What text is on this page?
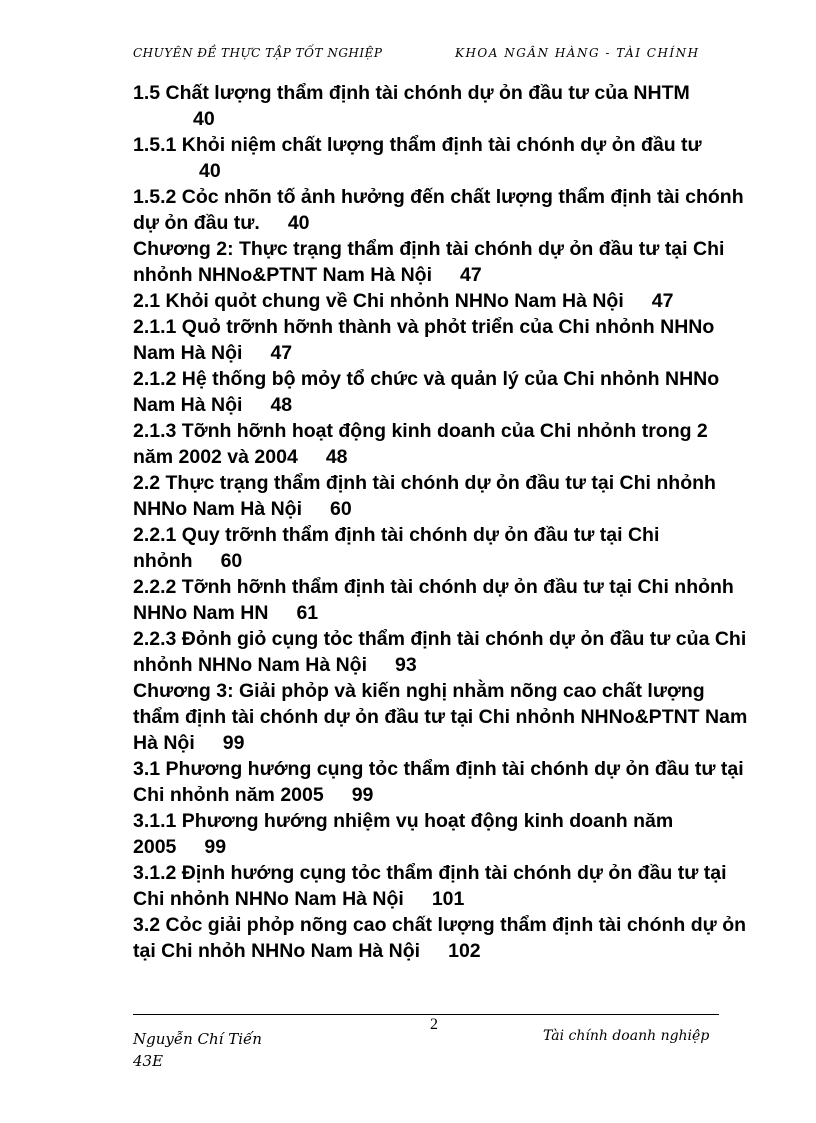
CHUYÊN ĐỀ THỰC TẬP TỐT NGHIỆP	KHOA NGÂN HÀNG - TÀI CHÍNH
1.5 Chất lượng thẩm định tài chónh dự ỏn đầu tư của NHTM
40
1.5.1 Khỏi niệm chất lượng thẩm định tài chónh dự ỏn đầu tư
40
1.5.2 Cỏc nhõn tố ảnh hưởng đến chất lượng thẩm định tài chónh dự ỏn đầu tư. 40
Chương 2: Thực trạng thẩm định tài chónh dự ỏn đầu tư tại Chi nhỏnh NHNo&PTNT Nam Hà Nội 47
2.1 Khỏi quỏt chung về Chi nhỏnh NHNo Nam Hà Nội 47
2.1.1 Quỏ trỡnh hỡnh thành và phỏt triển của Chi nhỏnh NHNo Nam Hà Nội 47
2.1.2 Hệ thống bộ mỏy tổ chức và quản lý của Chi nhỏnh NHNo Nam Hà Nội 48
2.1.3 Tỡnh hỡnh hoạt động kinh doanh của Chi nhỏnh trong 2 năm 2002 và 2004 48
2.2 Thực trạng thẩm định tài chónh dự ỏn đầu tư tại Chi nhỏnh NHNo Nam Hà Nội 60
2.2.1 Quy trỡnh thẩm định tài chónh dự ỏn đầu tư tại Chi nhỏnh 60
2.2.2 Tỡnh hỡnh thẩm định tài chónh dự ỏn đầu tư tại Chi nhỏnh NHNo Nam HN 61
2.2.3 Đỏnh giỏ cụng tỏc thẩm định tài chónh dự ỏn đầu tư của Chi nhỏnh NHNo Nam Hà Nội 93
Chương 3: Giải phỏp và kiến nghị nhằm nõng cao chất lượng thẩm định tài chónh dự ỏn đầu tư tại Chi nhỏnh NHNo&PTNT Nam Hà Nội 99
3.1 Phương hướng cụng tỏc thẩm định tài chónh dự ỏn đầu tư tại Chi nhỏnh năm 2005 99
3.1.1 Phương hướng nhiệm vụ hoạt động kinh doanh năm 2005 99
3.1.2 Định hướng cụng tỏc thẩm định tài chónh dự ỏn đầu tư tại Chi nhỏnh NHNo Nam Hà Nội 101
3.2 Cỏc giải phỏp nõng cao chất lượng thẩm định tài chónh dự ỏn tại Chi nhỏh NHNo Nam Hà Nội 102
2
Nguyễn Chí Tiến
43E
Tài chính doanh nghiệp
